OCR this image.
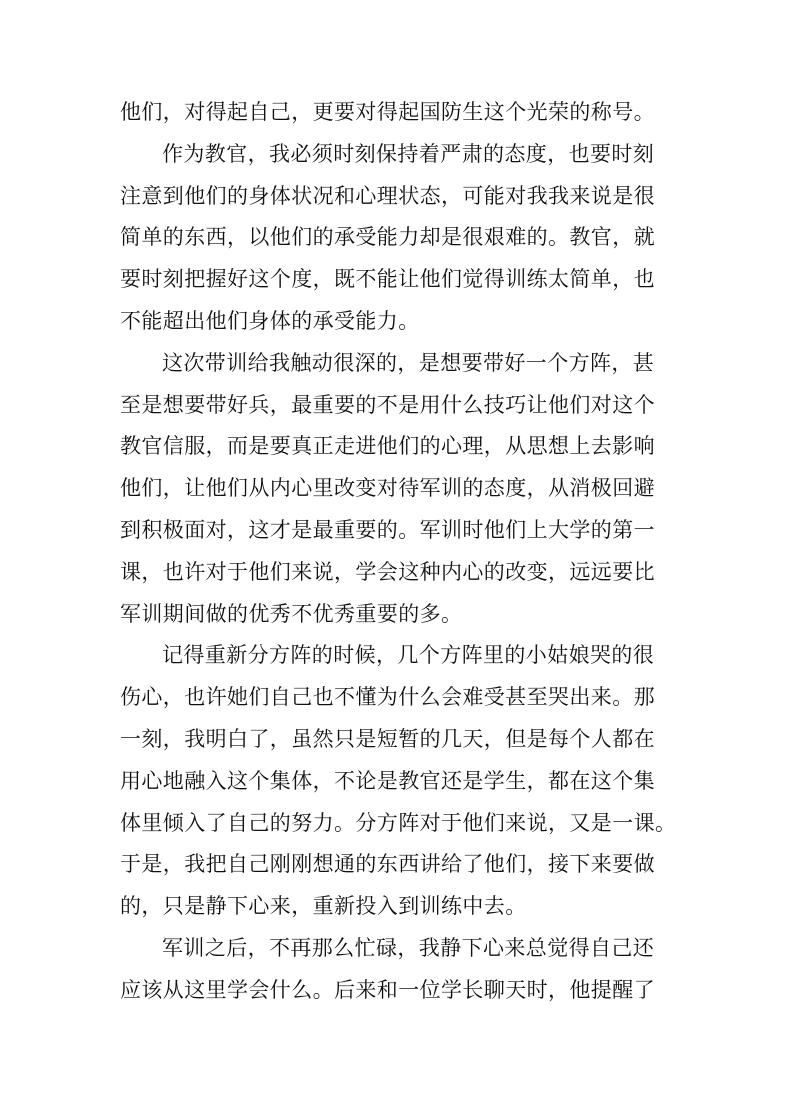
他们，对得起自己，更要对得起国防生这个光荣的称号。
作为教官，我必须时刻保持着严肃的态度，也要时刻
注意到他们的身体状况和心理状态，可能对我我来说是很
简单的东西，以他们的承受能力却是很艰难的。教官，就
要时刻把握好这个度，既不能让他们觉得训练太简单，也
不能超出他们身体的承受能力。
这次带训给我触动很深的，是想要带好一个方阵，甚
至是想要带好兵，最重要的不是用什么技巧让他们对这个
教官信服，而是要真正走进他们的心理，从思想上去影响
他们，让他们从内心里改变对待军训的态度，从消极回避
到积极面对，这才是最重要的。军训时他们上大学的第一
课，也许对于他们来说，学会这种内心的改变，远远要比
军训期间做的优秀不优秀重要的多。
记得重新分方阵的时候，几个方阵里的小姑娘哭的很
伤心，也许她们自己也不懂为什么会难受甚至哭出来。那
一刻，我明白了，虽然只是短暂的几天，但是每个人都在
用心地融入这个集体，不论是教官还是学生，都在这个集
体里倾入了自己的努力。分方阵对于他们来说，又是一课。
于是，我把自己刚刚想通的东西讲给了他们，接下来要做
的，只是静下心来，重新投入到训练中去。
军训之后，不再那么忙碌，我静下心来总觉得自己还
应该从这里学会什么。后来和一位学长聊天时，他提醒了
